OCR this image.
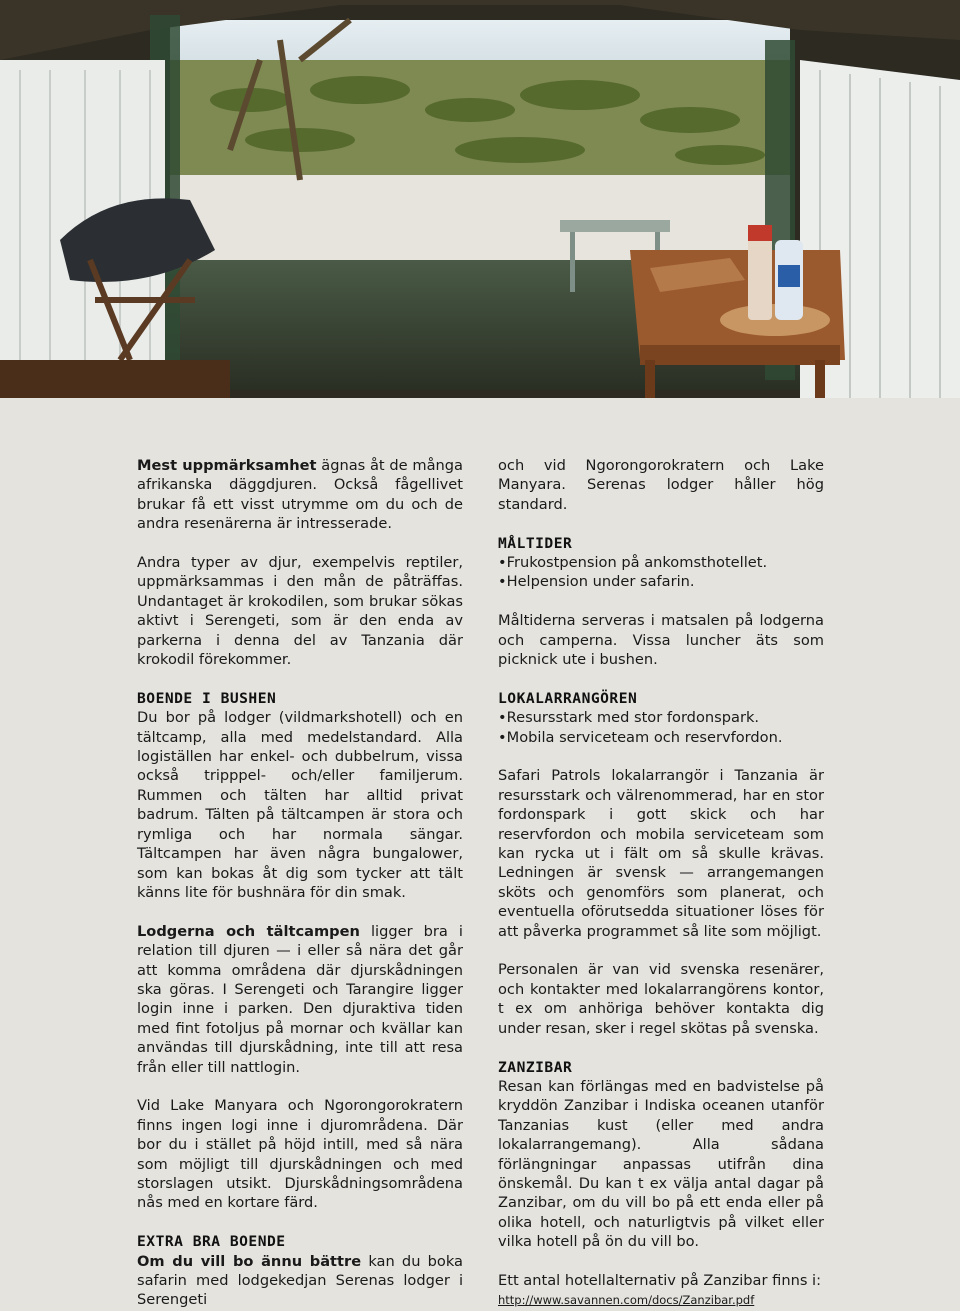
Mest uppmärksamhet ägnas åt de många afrikanska däggdjuren. Också fågellivet brukar få ett visst utrymme om du och de andra resenärerna är intresserade.

Andra typer av djur, exempelvis reptiler, uppmärksammas i den mån de påträffas. Undantaget är krokodilen, som brukar sökas aktivt i Serengeti, som är den enda av parkerna i denna del av Tanzania där krokodil förekommer.

BOENDE I BUSHEN

Du bor på lodger (vildmarkshotell) och en tältcamp, alla med medelstandard. Alla logiställen har enkel- och dubbelrum, vissa också tripppel- och/eller familjerum. Rummen och tälten har alltid privat badrum. Tälten på tältcampen är stora och rymliga och har normala sängar. Tältcampen har även några bungalower, som kan bokas åt dig som tycker att tält känns lite för bushnära för din smak.

Lodgerna och tältcampen ligger bra i relation till djuren — i eller så nära det går att komma områdena där djurskådningen ska göras. I Serengeti och Tarangire ligger login inne i parken. Den djuraktiva tiden med fint fotoljus på mornar och kvällar kan användas till djurskådning, inte till att resa från eller till nattlogin.

Vid Lake Manyara och Ngorongorokratern finns ingen logi inne i djurområdena. Där bor du i stället på höjd intill, med så nära som möjligt till djurskådningen och med storslagen utsikt. Djurskådningsområdena nås med en kortare färd.

EXTRA BRA BOENDE

Om du vill bo ännu bättre kan du boka safarin med lodgekedjan Serenas lodger i Serengeti

och vid Ngorongorokratern och Lake Manyara. Serenas lodger håller hög standard.

MÅLTIDER
• Frukostpension på ankomsthotellet.
• Helpension under safarin.

Måltiderna serveras i matsalen på lodgerna och camperna. Vissa luncher äts som picknick ute i bushen.

LOKALARRANGÖREN
• Resursstark med stor fordonspark.
• Mobila serviceteam och reservfordon.

Safari Patrols lokalarrangör i Tanzania är resursstark och välrenommerad, har en stor fordonspark i gott skick och har reservfordon och mobila serviceteam som kan rycka ut i fält om så skulle krävas. Ledningen är svensk — arrangemangen sköts och genomförs som planerat, och eventuella oförutsedda situationer löses för att påverka programmet så lite som möjligt.

Personalen är van vid svenska resenärer, och kontakter med lokalarrangörens kontor, t ex om anhöriga behöver kontakta dig under resan, sker i regel skötas på svenska.

ZANZIBAR

Resan kan förlängas med en badvistelse på kryddön Zanzibar i Indiska oceanen utanför Tanzanias kust (eller med andra lokalarrangemang). Alla sådana förlängningar anpassas utifrån dina önskemål. Du kan t ex välja antal dagar på Zanzibar, om du vill bo på ett enda eller på olika hotell, och naturligtvis på vilket eller vilka hotell på ön du vill bo.

Ett antal hotellalternativ på Zanzibar finns i:

http://www.savannen.com/docs/Zanzibar.pdf
